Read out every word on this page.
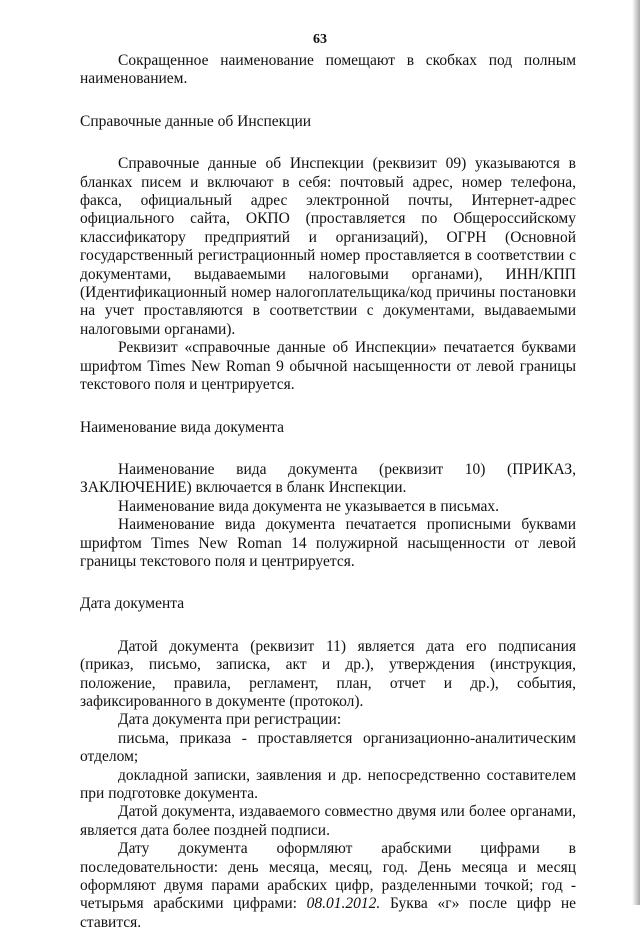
63

Сокращенное наименование помещают в скобках под полным наименованием.

Справочные данные об Инспекции

Справочные данные об Инспекции (реквизит 09) указываются в бланках писем и включают в себя: почтовый адрес, номер телефона, факса, официальный адрес электронной почты, Интернет-адрес официального сайта, ОКПО (проставляется по Общероссийскому классификатору предприятий и организаций), ОГРН (Основной государственный регистрационный номер проставляется в соответствии с документами, выдаваемыми налоговыми органами), ИНН/КПП (Идентификационный номер налогоплательщика/код причины постановки на учет проставляются в соответствии с документами, выдаваемыми налоговыми органами).

Реквизит «справочные данные об Инспекции» печатается буквами шрифтом Times New Roman 9 обычной насыщенности от левой границы текстового поля и центрируется.

Наименование вида документа

Наименование вида документа (реквизит 10) (ПРИКАЗ, ЗАКЛЮЧЕНИЕ) включается в бланк Инспекции.

Наименование вида документа не указывается в письмах.

Наименование вида документа печатается прописными буквами шрифтом Times New Roman 14 полужирной насыщенности от левой границы текстового поля и центрируется.

Дата документа

Датой документа (реквизит 11) является дата его подписания (приказ, письмо, записка, акт и др.), утверждения (инструкция, положение, правила, регламент, план, отчет и др.), события, зафиксированного в документе (протокол).

Дата документа при регистрации:

письма, приказа - проставляется организационно-аналитическим отделом;

докладной записки, заявления и др. непосредственно составителем при подготовке документа.

Датой документа, издаваемого совместно двумя или более органами, является дата более поздней подписи.

Дату документа оформляют арабскими цифрами в последовательности: день месяца, месяц, год. День месяца и месяц оформляют двумя парами арабских цифр, разделенными точкой; год - четырьмя арабскими цифрами: 08.01.2012. Буква «г» после цифр не ставится.
